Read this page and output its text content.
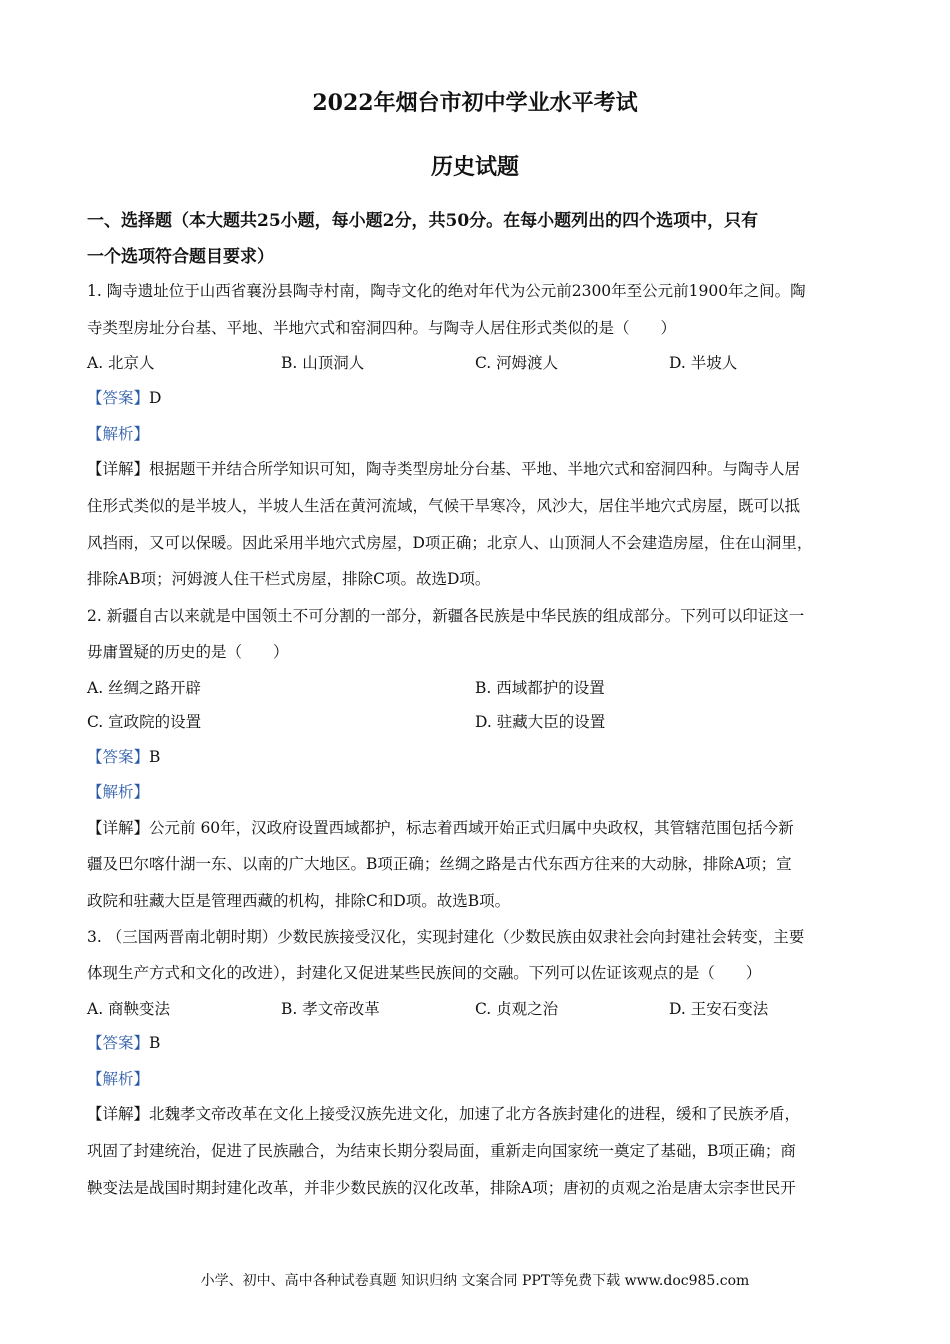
2022年烟台市初中学业水平考试
历史试题
一、选择题（本大题共25小题，每小题2分，共50分。在每小题列出的四个选项中，只有
一个选项符合题目要求）
1. 陶寺遗址位于山西省襄汾县陶寺村南，陶寺文化的绝对年代为公元前2300年至公元前1900年之间。陶
寺类型房址分台基、平地、半地穴式和窑洞四种。与陶寺人居住形式类似的是（　　）
A. 北京人	B. 山顶洞人	C. 河姆渡人	D. 半坡人
【答案】D
【解析】
【详解】根据题干并结合所学知识可知，陶寺类型房址分台基、平地、半地穴式和窑洞四种。与陶寺人居
住形式类似的是半坡人，半坡人生活在黄河流域，气候干旱寒冷，风沙大，居住半地穴式房屋，既可以抵
风挡雨，又可以保暖。因此采用半地穴式房屋，D项正确；北京人、山顶洞人不会建造房屋，住在山洞里，
排除AB项；河姆渡人住干栏式房屋，排除C项。故选D项。
2. 新疆自古以来就是中国领土不可分割的一部分，新疆各民族是中华民族的组成部分。下列可以印证这一
毋庸置疑的历史的是（　　）
A. 丝绸之路开辟	B. 西域都护的设置
C. 宣政院的设置	D. 驻藏大臣的设置
【答案】B
【解析】
【详解】公元前 60年，汉政府设置西域都护，标志着西域开始正式归属中央政权，其管辖范围包括今新
疆及巴尔喀什湖一东、以南的广大地区。B项正确；丝绸之路是古代东西方往来的大动脉，排除A项；宣
政院和驻藏大臣是管理西藏的机构，排除C和D项。故选B项。
3. （三国两晋南北朝时期）少数民族接受汉化，实现封建化（少数民族由奴隶社会向封建社会转变，主要
体现生产方式和文化的改进），封建化又促进某些民族间的交融。下列可以佐证该观点的是（　　）
A. 商鞅变法	B. 孝文帝改革	C. 贞观之治	D. 王安石变法
【答案】B
【解析】
【详解】北魏孝文帝改革在文化上接受汉族先进文化，加速了北方各族封建化的进程，缓和了民族矛盾，
巩固了封建统治，促进了民族融合，为结束长期分裂局面，重新走向国家统一奠定了基础，B项正确；商
鞅变法是战国时期封建化改革，并非少数民族的汉化改革，排除A项；唐初的贞观之治是唐太宗李世民开
小学、初中、高中各种试卷真题 知识归纳 文案合同 PPT等免费下载 www.doc985.com
